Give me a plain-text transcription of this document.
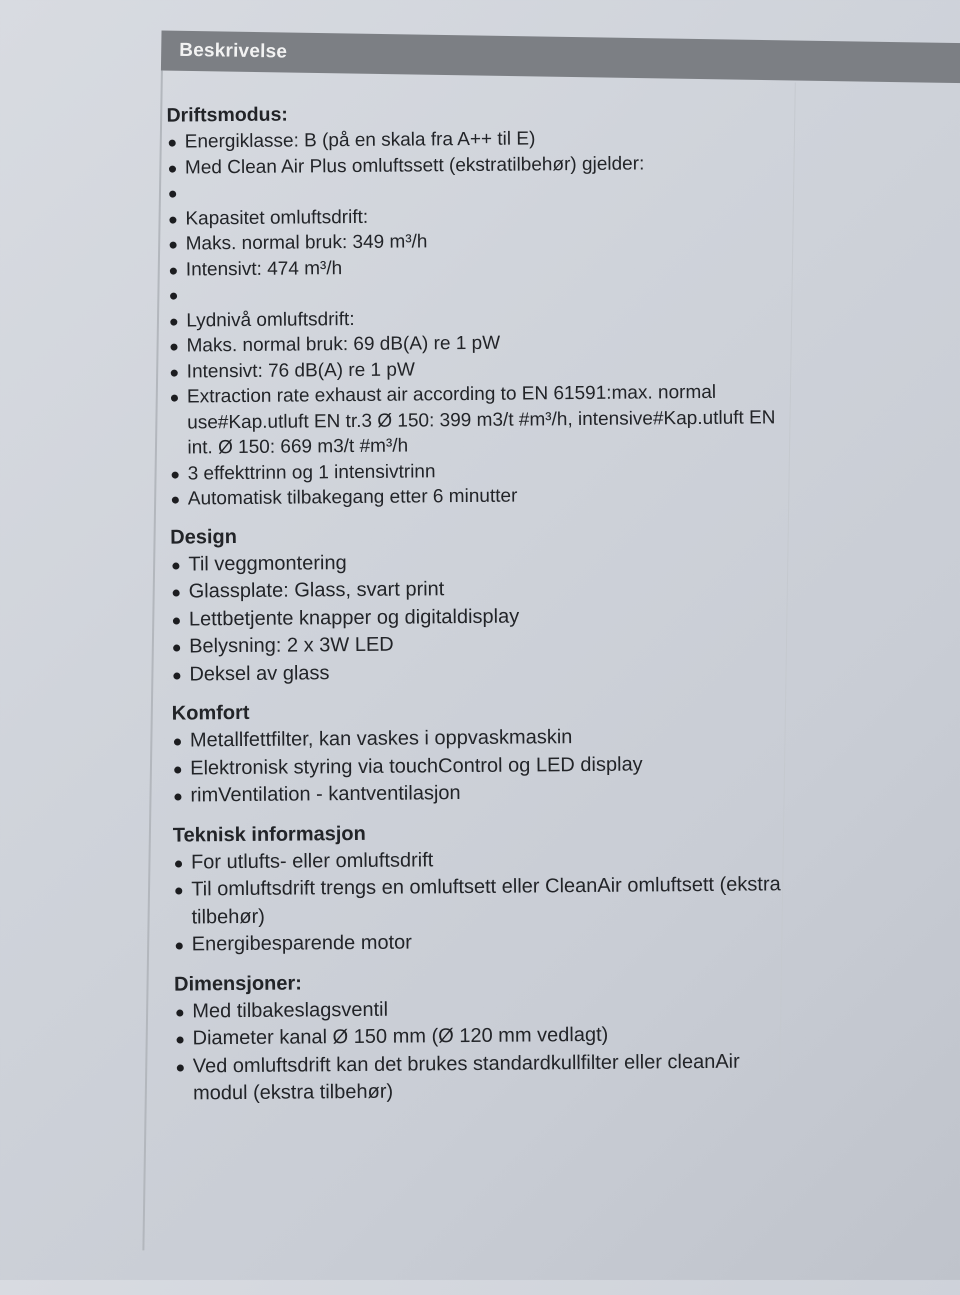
Beskrivelse
Driftsmodus:
Energiklasse: B (på en skala fra A++ til E)
Med Clean Air Plus omluftssett (ekstratilbehør) gjelder:
Kapasitet omluftsdrift:
Maks. normal bruk: 349 m³/h
Intensivt: 474 m³/h
Lydnivå omluftsdrift:
Maks. normal bruk: 69 dB(A) re 1 pW
Intensivt: 76 dB(A) re 1 pW
Extraction rate exhaust air according to EN 61591:max. normal use#Kap.utluft EN tr.3 Ø 150: 399 m3/t #m³/h, intensive#Kap.utluft EN int. Ø 150: 669 m3/t #m³/h
3 effekttrinn og 1 intensivtrinn
Automatisk tilbakegang etter 6 minutter
Design
Til veggmontering
Glassplate: Glass, svart print
Lettbetjente knapper og digitaldisplay
Belysning: 2 x 3W LED
Deksel av glass
Komfort
Metallfettfilter, kan vaskes i oppvaskmaskin
Elektronisk styring via touchControl og LED display
rimVentilation - kantventilasjon
Teknisk informasjon
For utlufts- eller omluftsdrift
Til omluftsdrift trengs en omluftsett eller CleanAir omluftsett (ekstra tilbehør)
Energibesparende motor
Dimensjoner:
Med tilbakeslagsventil
Diameter kanal Ø 150 mm (Ø 120 mm vedlagt)
Ved omluftsdrift kan det brukes standardkullfilter eller cleanAir modul (ekstra tilbehør)
